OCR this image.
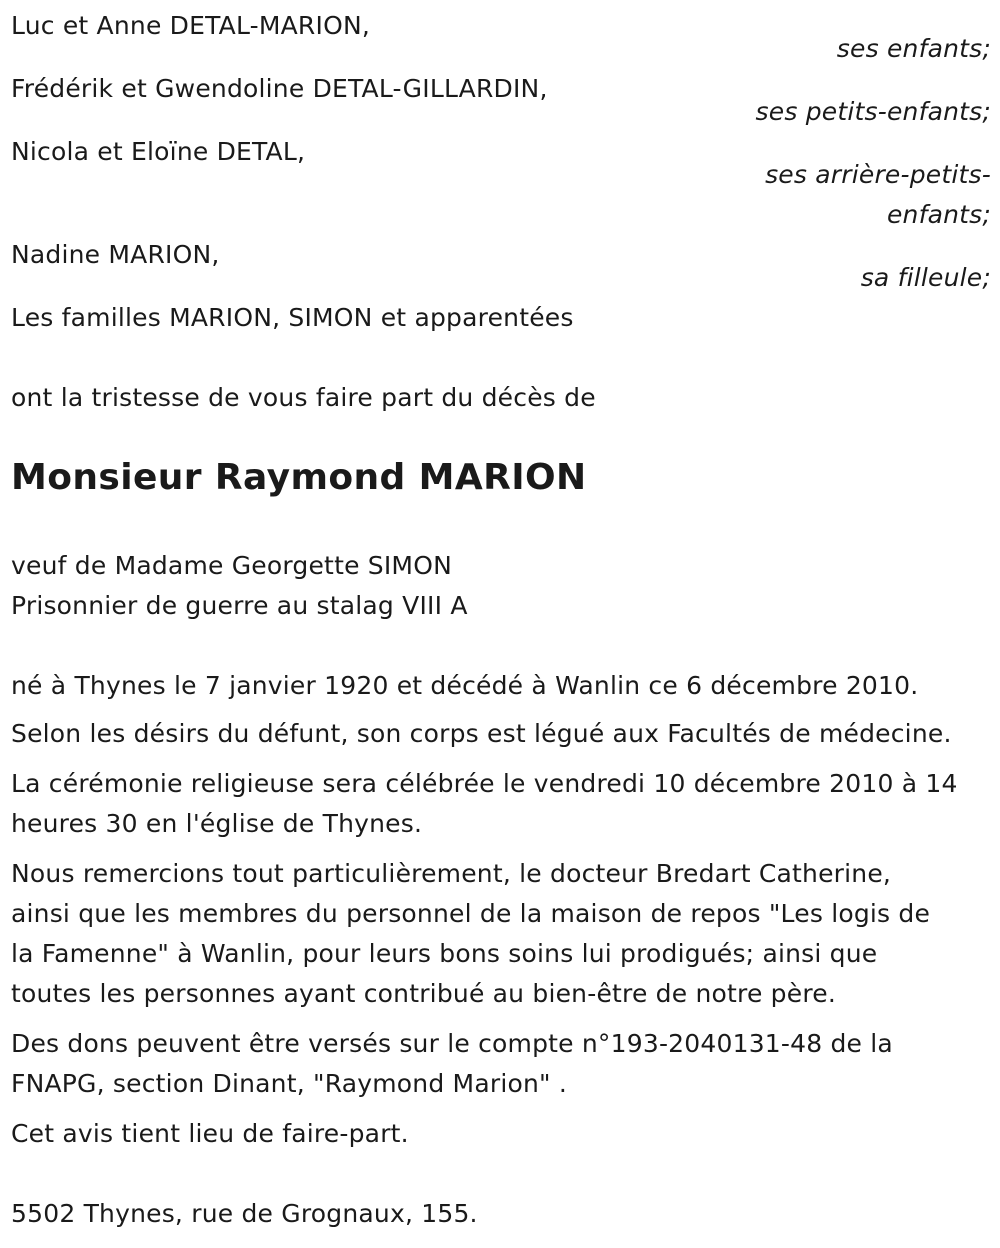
Luc et Anne DETAL-MARION,
ses enfants;
Frédérik et Gwendoline DETAL-GILLARDIN,
ses petits-enfants;
Nicola et Eloïne DETAL,
ses arrière-petits-
enfants;
Nadine MARION,
sa filleule;
Les familles MARION, SIMON et apparentées
ont la tristesse de vous faire part du décès de
Monsieur Raymond MARION
veuf de Madame Georgette SIMON
Prisonnier de guerre au stalag VIII A
né à Thynes le 7 janvier 1920 et décédé à Wanlin ce 6 décembre 2010.
Selon les désirs du défunt, son corps est légué aux Facultés de médecine.
La cérémonie religieuse sera célébrée le vendredi 10 décembre 2010 à 14
heures 30 en l'église de Thynes.
Nous remercions tout particulièrement, le docteur Bredart Catherine,
ainsi que les membres du personnel de la maison de repos "Les logis de
la Famenne" à Wanlin, pour leurs bons soins lui prodigués; ainsi que
toutes les personnes ayant contribué au bien-être de notre père.
Des dons peuvent être versés sur le compte n°193-2040131-48 de la
FNAPG, section Dinant, "Raymond Marion" .
Cet avis tient lieu de faire-part.
5502 Thynes, rue de Grognaux, 155.
